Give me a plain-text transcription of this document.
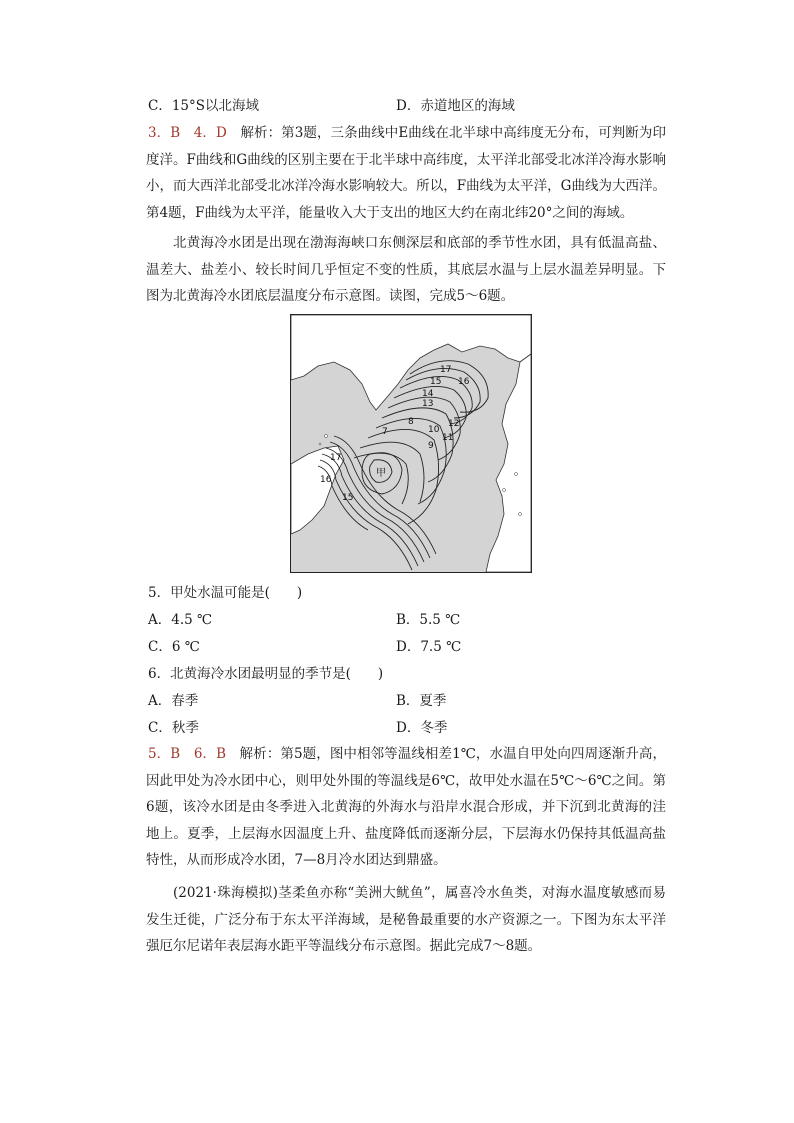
C．15°S以北海域	D．赤道地区的海域
3．B　4．D　解析：第3题，三条曲线中E曲线在北半球中高纬度无分布，可判断为印度洋。F曲线和G曲线的区别主要在于北半球中高纬度，太平洋北部受北冰洋冷海水影响小，而大西洋北部受北冰洋冷海水影响较大。所以，F曲线为太平洋，G曲线为大西洋。第4题，F曲线为太平洋，能量收入大于支出的地区大约在南北纬20°之间的海域。
北黄海冷水团是出现在渤海海峡口东侧深层和底部的季节性水团，具有低温高盐、温差大、盐差小、较长时间几乎恒定不变的性质，其底层水温与上层水温差异明显。下图为北黄海冷水团底层温度分布示意图。读图，完成5～6题。
17
16
15
14
13
12
11
10
9
8
7
17
16
15
甲
5．甲处水温可能是(　　)
A．4.5 ℃	B．5.5 ℃
C．6 ℃	D．7.5 ℃
6．北黄海冷水团最明显的季节是(　　)
A．春季	B．夏季
C．秋季	D．冬季
5．B　6．B　解析：第5题，图中相邻等温线相差1℃，水温自甲处向四周逐渐升高，因此甲处为冷水团中心，则甲处外围的等温线是6℃，故甲处水温在5℃～6℃之间。第6题，该冷水团是由冬季进入北黄海的外海水与沿岸水混合形成，并下沉到北黄海的洼地上。夏季，上层海水因温度上升、盐度降低而逐渐分层，下层海水仍保持其低温高盐特性，从而形成冷水团，7—8月冷水团达到鼎盛。
(2021·珠海模拟)茎柔鱼亦称“美洲大鱿鱼”，属喜冷水鱼类，对海水温度敏感而易发生迁徙，广泛分布于东太平洋海域，是秘鲁最重要的水产资源之一。下图为东太平洋强厄尔尼诺年表层海水距平等温线分布示意图。据此完成7～8题。
